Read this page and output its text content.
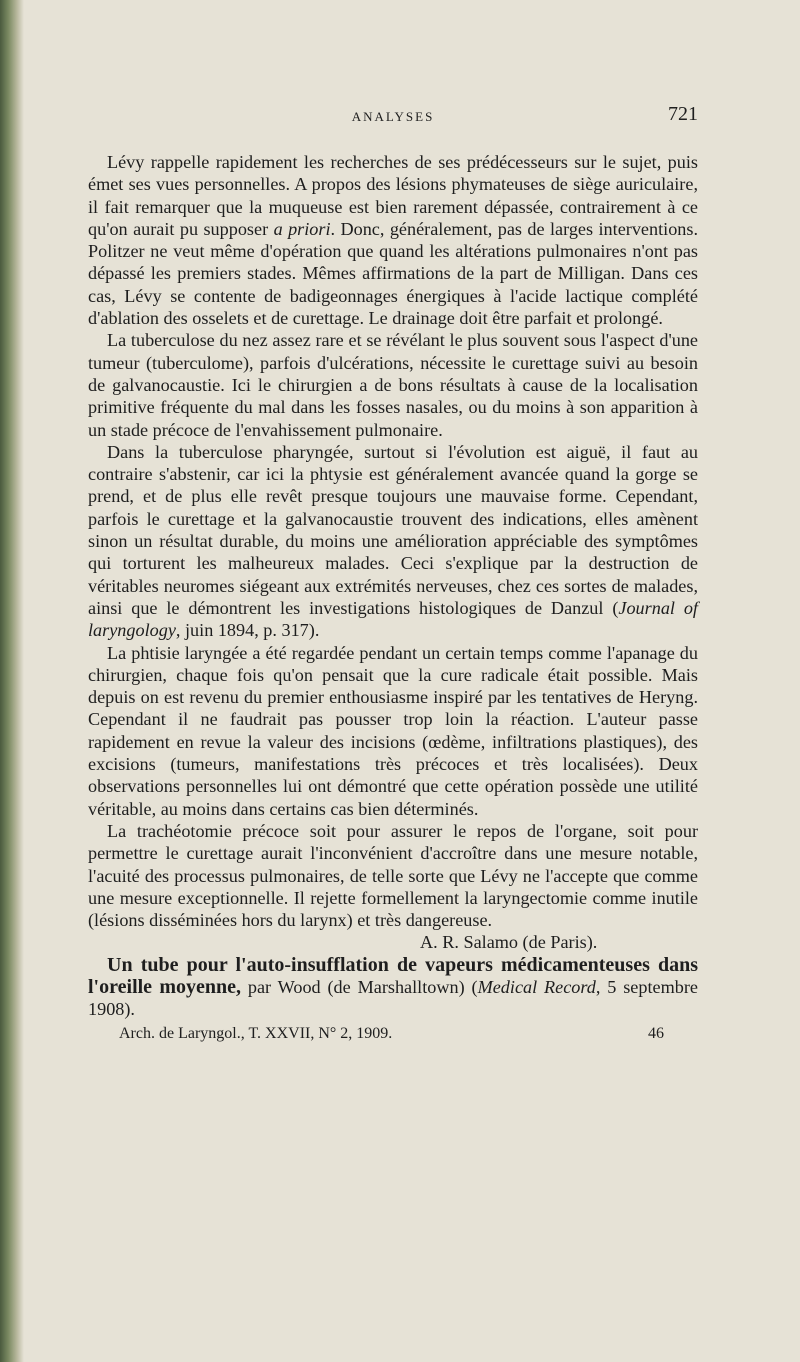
ANALYSES	721

Lévy rappelle rapidement les recherches de ses prédécesseurs sur le sujet, puis émet ses vues personnelles. A propos des lésions phymateuses de siège auriculaire, il fait remarquer que la muqueuse est bien rarement dépassée, contrairement à ce qu'on aurait pu supposer a priori. Donc, généralement, pas de larges interventions. Politzer ne veut même d'opération que quand les altérations pulmonaires n'ont pas dépassé les premiers stades. Mêmes affirmations de la part de Milligan. Dans ces cas, Lévy se contente de badigeonnages énergiques à l'acide lactique complété d'ablation des osselets et de curettage. Le drainage doit être parfait et prolongé.

La tuberculose du nez assez rare et se révélant le plus souvent sous l'aspect d'une tumeur (tuberculome), parfois d'ulcérations, nécessite le curettage suivi au besoin de galvanocaustie. Ici le chirurgien a de bons résultats à cause de la localisation primitive fréquente du mal dans les fosses nasales, ou du moins à son apparition à un stade précoce de l'envahissement pulmonaire.

Dans la tuberculose pharyngée, surtout si l'évolution est aiguë, il faut au contraire s'abstenir, car ici la phtysie est généralement avancée quand la gorge se prend, et de plus elle revêt presque toujours une mauvaise forme. Cependant, parfois le curettage et la galvanocaustie trouvent des indications, elles amènent sinon un résultat durable, du moins une amélioration appréciable des symptômes qui torturent les malheureux malades. Ceci s'explique par la destruction de véritables neuromes siégeant aux extrémités nerveuses, chez ces sortes de malades, ainsi que le démontrent les investigations histologiques de Danzul (Journal of laryngology, juin 1894, p. 317).

La phtisie laryngée a été regardée pendant un certain temps comme l'apanage du chirurgien, chaque fois qu'on pensait que la cure radicale était possible. Mais depuis on est revenu du premier enthousiasme inspiré par les tentatives de Heryng. Cependant il ne faudrait pas pousser trop loin la réaction. L'auteur passe rapidement en revue la valeur des incisions (œdème, infiltrations plastiques), des excisions (tumeurs, manifestations très précoces et très localisées). Deux observations personnelles lui ont démontré que cette opération possède une utilité véritable, au moins dans certains cas bien déterminés.

La trachéotomie précoce soit pour assurer le repos de l'organe, soit pour permettre le curettage aurait l'inconvénient d'accroître dans une mesure notable, l'acuité des processus pulmonaires, de telle sorte que Lévy ne l'accepte que comme une mesure exceptionnelle. Il rejette formellement la laryngectomie comme inutile (lésions disséminées hors du larynx) et très dangereuse.

A. R. Salamo (de Paris).

Un tube pour l'auto-insufflation de vapeurs médicamenteuses dans l'oreille moyenne, par Wood (de Marshalltown) (Medical Record, 5 septembre 1908).

Arch. de Laryngol., T. XXVII, N° 2, 1909.	46
